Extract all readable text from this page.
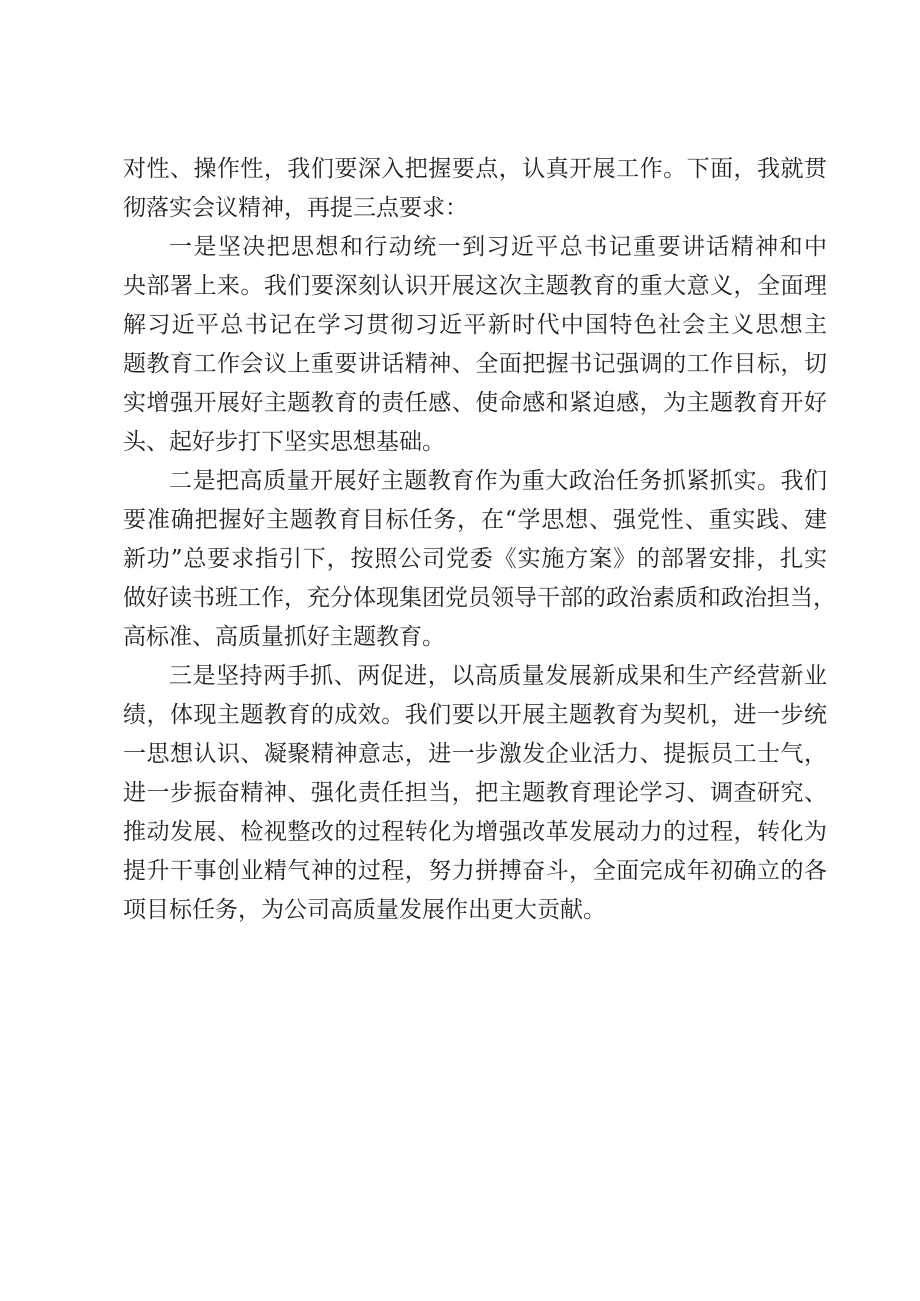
对性、操作性，我们要深入把握要点，认真开展工作。下面，我就贯
彻落实会议精神，再提三点要求：
一是坚决把思想和行动统一到习近平总书记重要讲话精神和中
央部署上来。我们要深刻认识开展这次主题教育的重大意义，全面理
解习近平总书记在学习贯彻习近平新时代中国特色社会主义思想主
题教育工作会议上重要讲话精神、全面把握书记强调的工作目标，切
实增强开展好主题教育的责任感、使命感和紧迫感，为主题教育开好
头、起好步打下坚实思想基础。
二是把高质量开展好主题教育作为重大政治任务抓紧抓实。我们
要准确把握好主题教育目标任务，在“学思想、强党性、重实践、建
新功”总要求指引下，按照公司党委《实施方案》的部署安排，扎实
做好读书班工作，充分体现集团党员领导干部的政治素质和政治担当，
高标准、高质量抓好主题教育。
三是坚持两手抓、两促进，以高质量发展新成果和生产经营新业
绩，体现主题教育的成效。我们要以开展主题教育为契机，进一步统
一思想认识、凝聚精神意志，进一步激发企业活力、提振员工士气，
进一步振奋精神、强化责任担当，把主题教育理论学习、调查研究、
推动发展、检视整改的过程转化为增强改革发展动力的过程，转化为
提升干事创业精气神的过程，努力拼搏奋斗，全面完成年初确立的各
项目标任务，为公司高质量发展作出更大贡献。
